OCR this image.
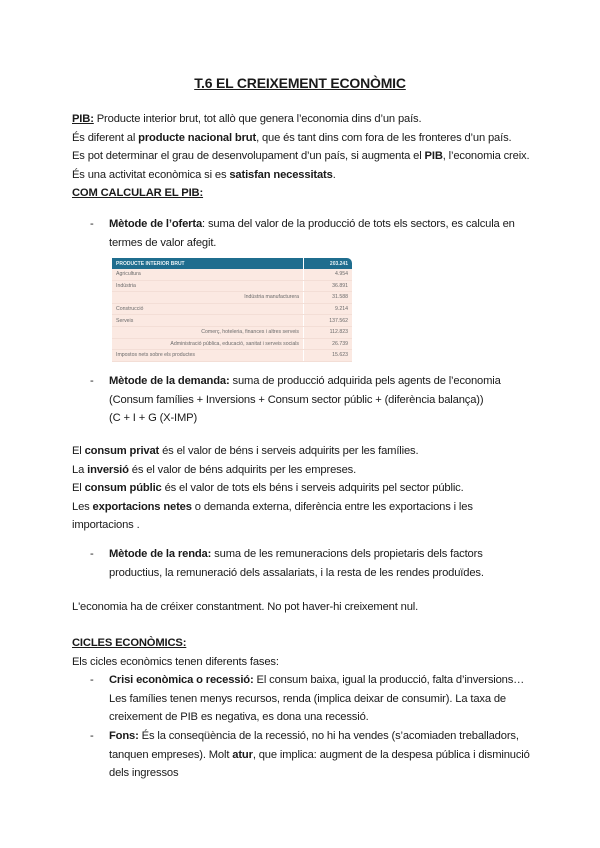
T.6 EL CREIXEMENT ECONÒMIC
PIB: Producte interior brut, tot allò que genera l’economia dins d’un país.
És diferent al producte nacional brut, que és tant dins com fora de les fronteres d’un país.
Es pot determinar el grau de desenvolupament d’un país, si augmenta el PIB, l’economia creix.
És una activitat econòmica si es satisfan necessitats.
COM CALCULAR EL PIB:
- Mètode de l’oferta: suma del valor de la producció de tots els sectors, es calcula en termes de valor afegit.
- Mètode de la demanda: suma de producció adquirida pels agents de l’economia (Consum famílies + Inversions + Consum sector públic + (diferència balança))
(C + I + G (X-IMP)
El consum privat és el valor de béns i serveis adquirits per les famílies.
La inversió és el valor de béns adquirits per les empreses.
El consum públic és el valor de tots els béns i serveis adquirits pel sector públic.
Les exportacions netes o demanda externa, diferència entre les exportacions i les importacions .
- Mètode de la renda: suma de les remuneracions dels propietaris dels factors productius, la remuneració dels assalariats, i la resta de les rendes produïdes.
L'economia ha de créixer constantment. No pot haver-hi creixement nul.
CICLES ECONÒMICS:
Els cicles econòmics tenen diferents fases:
- Crisi econòmica o recessió: El consum baixa, igual la producció, falta d’inversions… Les famílies tenen menys recursos, renda (implica deixar de consumir). La taxa de creixement de PIB es negativa, es dona una recessió.
- Fons: És la conseqüència de la recessió, no hi ha vendes (s’acomiaden treballadors, tanquen empreses). Molt atur, que implica: augment de la despesa pública i disminució dels ingressos
PRODUCTE INTERIOR BRUT	203.241
Agricultura	4.954
Indústria	36.891
Indústria manufacturera	31.588
Construcció	9.214
Serveis	137.562
Comerç, hoteleria, finances i altres serveis	112.823
Administració pública, educació, sanitat i serveis socials	26.739
Impostos nets sobre els productes	15.623
